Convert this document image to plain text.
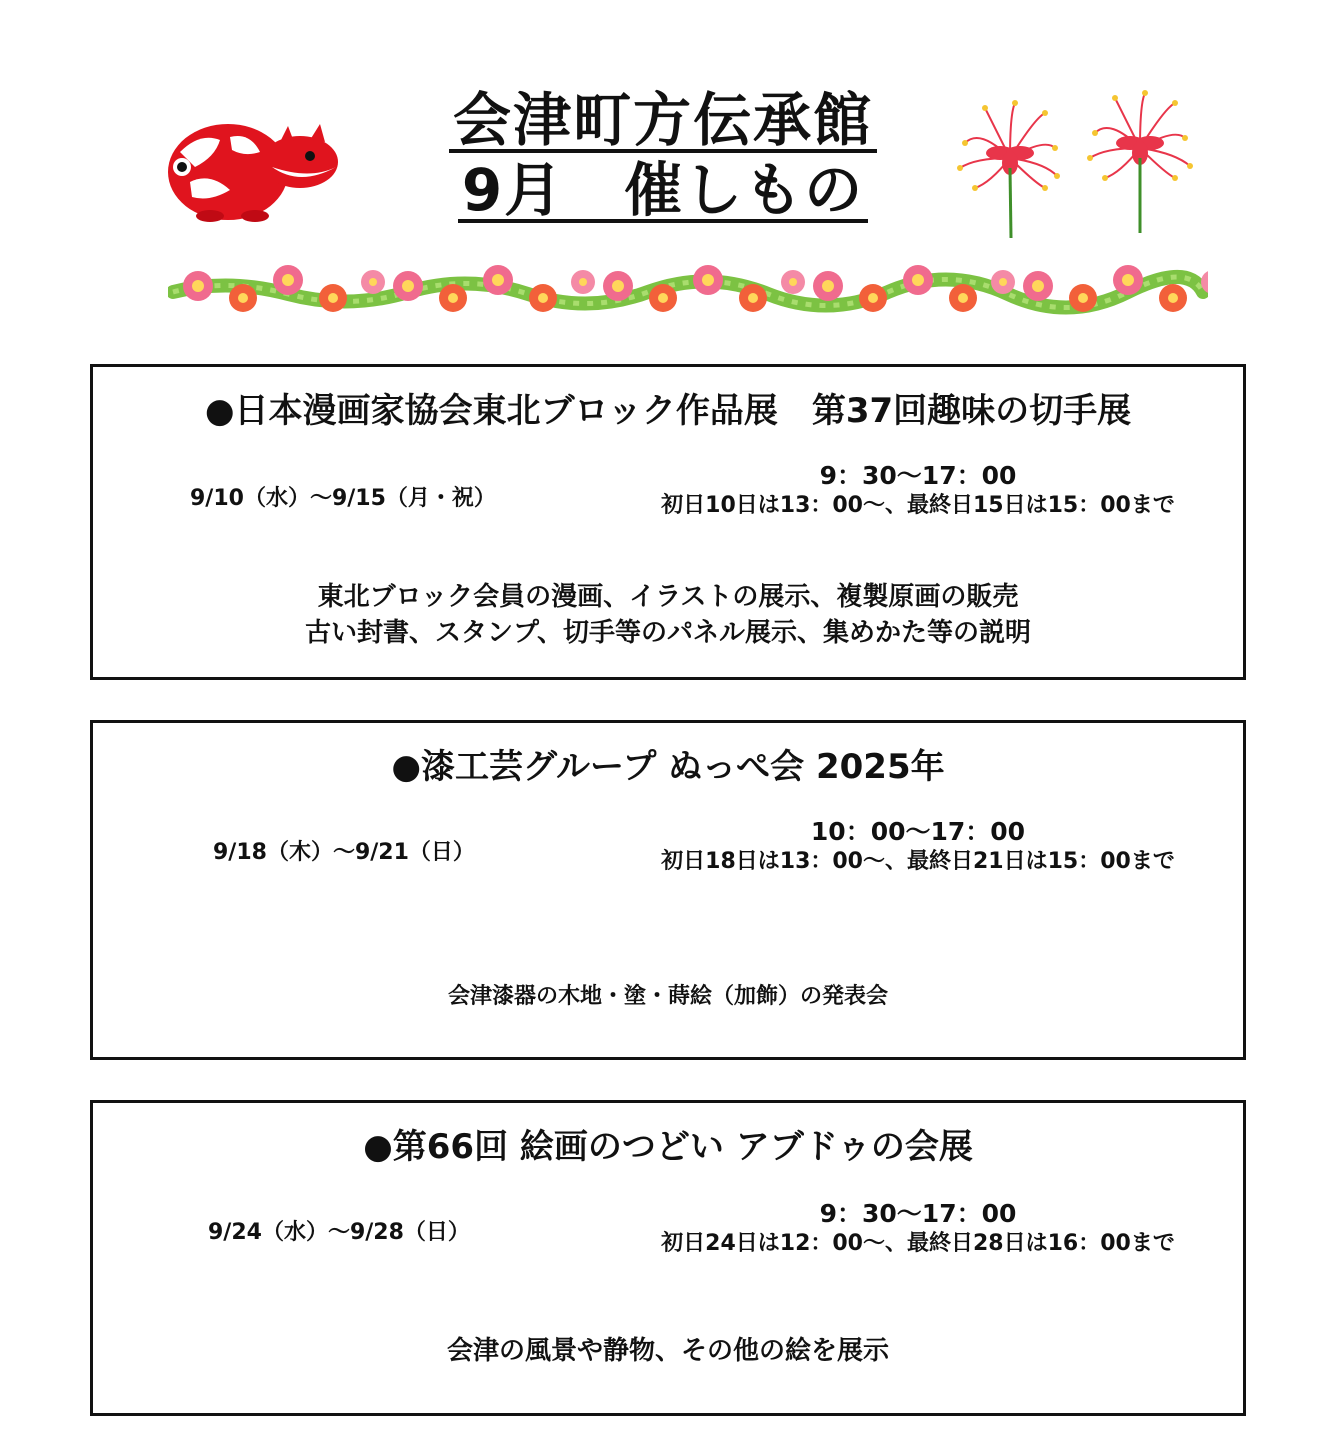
会津町方伝承館
9月　催しもの
●日本漫画家協会東北ブロック作品展　第37回趣味の切手展
9/10（水）～9/15（月・祝）
9：30～17：00
初日10日は13：00～、最終日15日は15：00まで
東北ブロック会員の漫画、イラストの展示、複製原画の販売
古い封書、スタンプ、切手等のパネル展示、集めかた等の説明
●漆工芸グループ ぬっぺ会 2025年
9/18（木）～9/21（日）
10：00～17：00
初日18日は13：00～、最終日21日は15：00まで
会津漆器の木地・塗・蒔絵（加飾）の発表会
●第66回 絵画のつどい アブドゥの会展
9/24（水）～9/28（日）
9：30～17：00
初日24日は12：00～、最終日28日は16：00まで
会津の風景や静物、その他の絵を展示
